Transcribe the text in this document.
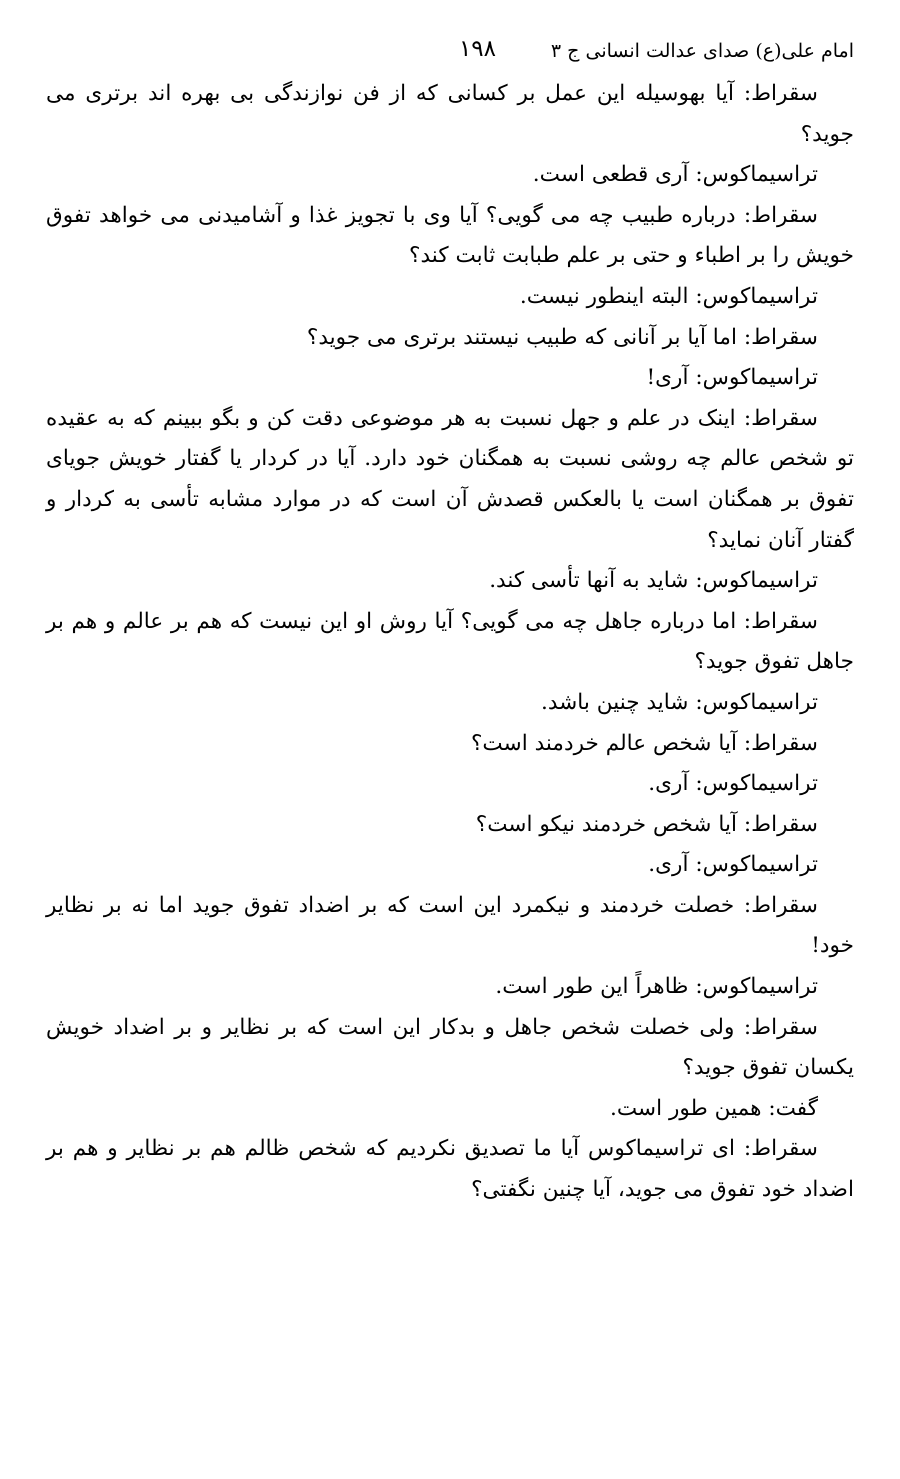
امام علی(ع) صدای عدالت انسانی ج ۳
۱۹۸

سقراط: آیا بهوسیله این عمل بر کسانی که از فن نوازندگی بی بهره اند برتری می جوید؟

تراسیماکوس: آری قطعی است.

سقراط: درباره طبیب چه می گویی؟ آیا وی با تجویز غذا و آشامیدنی می خواهد تفوق خویش را بر اطباء و حتی بر علم طبابت ثابت کند؟

تراسیماکوس: البته اینطور نیست.

سقراط: اما آیا بر آنانی که طبیب نیستند برتری می جوید؟

تراسیماکوس: آری!

سقراط: اینک در علم و جهل نسبت به هر موضوعی دقت کن و بگو ببینم که به عقیده تو شخص عالم چه روشی نسبت به همگنان خود دارد. آیا در کردار یا گفتار خویش جویای تفوق بر همگنان است یا بالعکس قصدش آن است که در موارد مشابه تأسی به کردار و گفتار آنان نماید؟

تراسیماکوس: شاید به آنها تأسی کند.

سقراط: اما درباره جاهل چه می گویی؟ آیا روش او این نیست که هم بر عالم و هم بر جاهل تفوق جوید؟

تراسیماکوس: شاید چنین باشد.

سقراط: آیا شخص عالم خردمند است؟

تراسیماکوس: آری.

سقراط: آیا شخص خردمند نیکو است؟

تراسیماکوس: آری.

سقراط: خصلت خردمند و نیکمرد این است که بر اضداد تفوق جوید اما نه بر نظایر خود!

تراسیماکوس: ظاهراً این طور است.

سقراط: ولی خصلت شخص جاهل و بدکار این است که بر نظایر و بر اضداد خویش یکسان تفوق جوید؟

گفت: همین طور است.

سقراط: ای تراسیماکوس آیا ما تصدیق نکردیم که شخص ظالم هم بر نظایر و هم بر اضداد خود تفوق می جوید، آیا چنین نگفتی؟
